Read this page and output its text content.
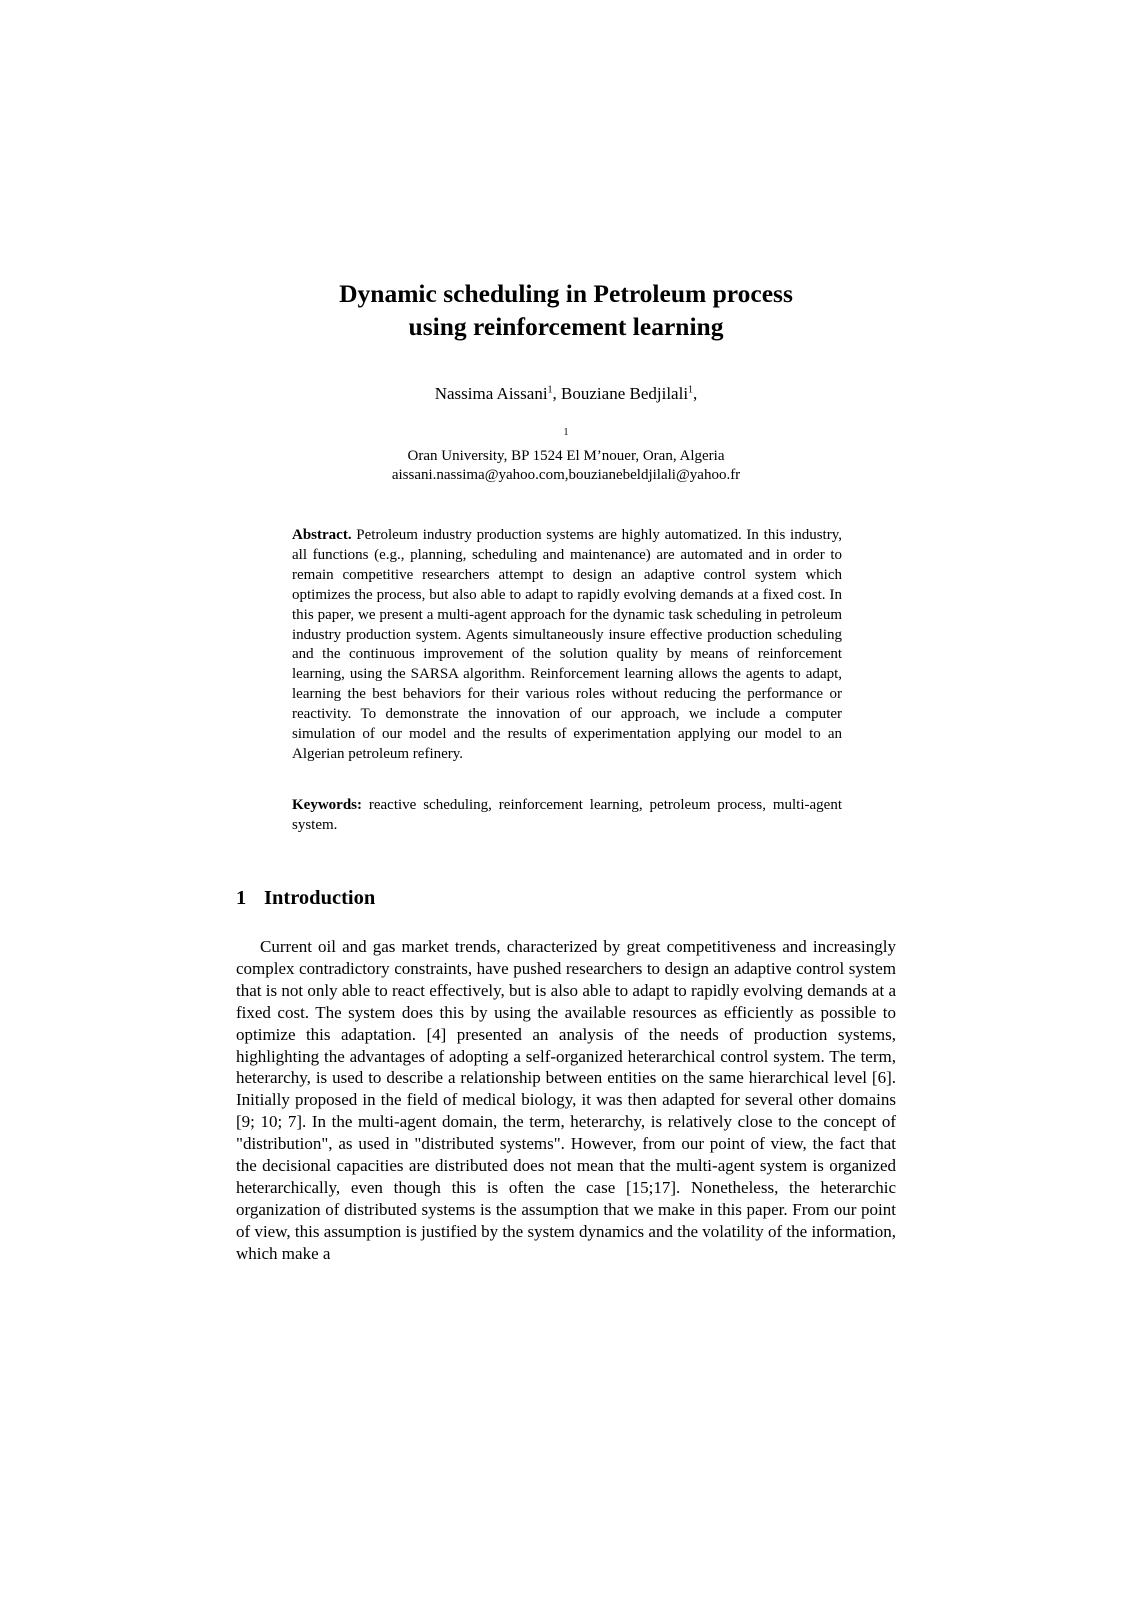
Dynamic scheduling in Petroleum process
using reinforcement learning
Nassima Aissani$^1$, Bouziane Bedjilali$^1$,
$^1$
Oran University, BP 1524 El M’nouer, Oran, Algeria
aissani.nassima@yahoo.com,bouzianebeldjilali@yahoo.fr

Abstract. Petroleum industry production systems are highly automatized. In this industry, all functions (e.g., planning, scheduling and maintenance) are automated and in order to remain competitive researchers attempt to design an adaptive control system which optimizes the process, but also able to adapt to rapidly evolving demands at a fixed cost. In this paper, we present a multi-agent approach for the dynamic task scheduling in petroleum industry production system. Agents simultaneously insure effective production scheduling and the continuous improvement of the solution quality by means of reinforcement learning, using the SARSA algorithm. Reinforcement learning allows the agents to adapt, learning the best behaviors for their various roles without reducing the performance or reactivity. To demonstrate the innovation of our approach, we include a computer simulation of our model and the results of experimentation applying our model to an Algerian petroleum refinery.

Keywords: reactive scheduling, reinforcement learning, petroleum process, multi-agent system.

1 Introduction

Current oil and gas market trends, characterized by great competitiveness and increasingly complex contradictory constraints, have pushed researchers to design an adaptive control system that is not only able to react effectively, but is also able to adapt to rapidly evolving demands at a fixed cost. The system does this by using the available resources as efficiently as possible to optimize this adaptation. [4] presented an analysis of the needs of production systems, highlighting the advantages of adopting a self-organized heterarchical control system. The term, heterarchy, is used to describe a relationship between entities on the same hierarchical level [6]. Initially proposed in the field of medical biology, it was then adapted for several other domains [9; 10; 7]. In the multi-agent domain, the term, heterarchy, is relatively close to the concept of "distribution", as used in "distributed systems". However, from our point of view, the fact that the decisional capacities are distributed does not mean that the multi-agent system is organized heterarchically, even though this is often the case [15;17]. Nonetheless, the heterarchic organization of distributed systems is the assumption that we make in this paper. From our point of view, this assumption is justified by the system dynamics and the volatility of the information, which make a
